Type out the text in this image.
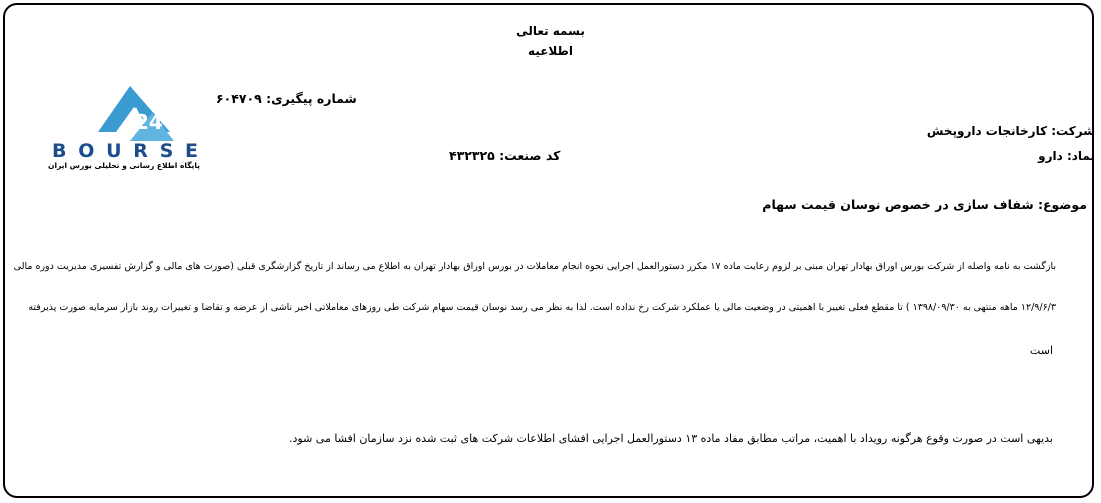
بسمه تعالی
اطلاعیه
شماره پیگیری: ۶۰۴۷۰۹
24
BOURSE
پایگاه اطلاع رسانی و تحلیلی بورس ایران
شرکت: کارخانجات داروپخش
نماد: دارو
کد صنعت: ۴۳۲۳۲۵
موضوع: شفاف سازی در خصوص نوسان قیمت سهام
بازگشت به نامه واصله از شرکت بورس اوراق بهادار تهران مبنی بر لزوم رعایت ماده ۱۷ مکرر دستورالعمل اجرایی نحوه انجام معاملات در بورس اوراق بهادار تهران به اطلاع می رساند از تاریخ گزارشگری قبلی (صورت های مالی و گزارش تفسیری مدیریت دوره مالی
۱۲/۹/۶/۳ ماهه منتهی به ۱۳۹۸/۰۹/۳۰ ) تا مقطع فعلی تغییر با اهمیتی در وضعیت مالی یا عملکرد شرکت رخ نداده است. لذا به نظر می رسد نوسان قیمت سهام شرکت طی روزهای معاملاتی اخیر ناشی از عرضه و تقاضا و تغییرات روند بازار سرمایه صورت پذیرفته
است
بدیهی است در صورت وقوع هرگونه رویداد با اهمیت، مراتب مطابق مفاد ماده ۱۳ دستورالعمل اجرایی افشای اطلاعات شرکت های ثبت شده نزد سازمان افشا می شود.
